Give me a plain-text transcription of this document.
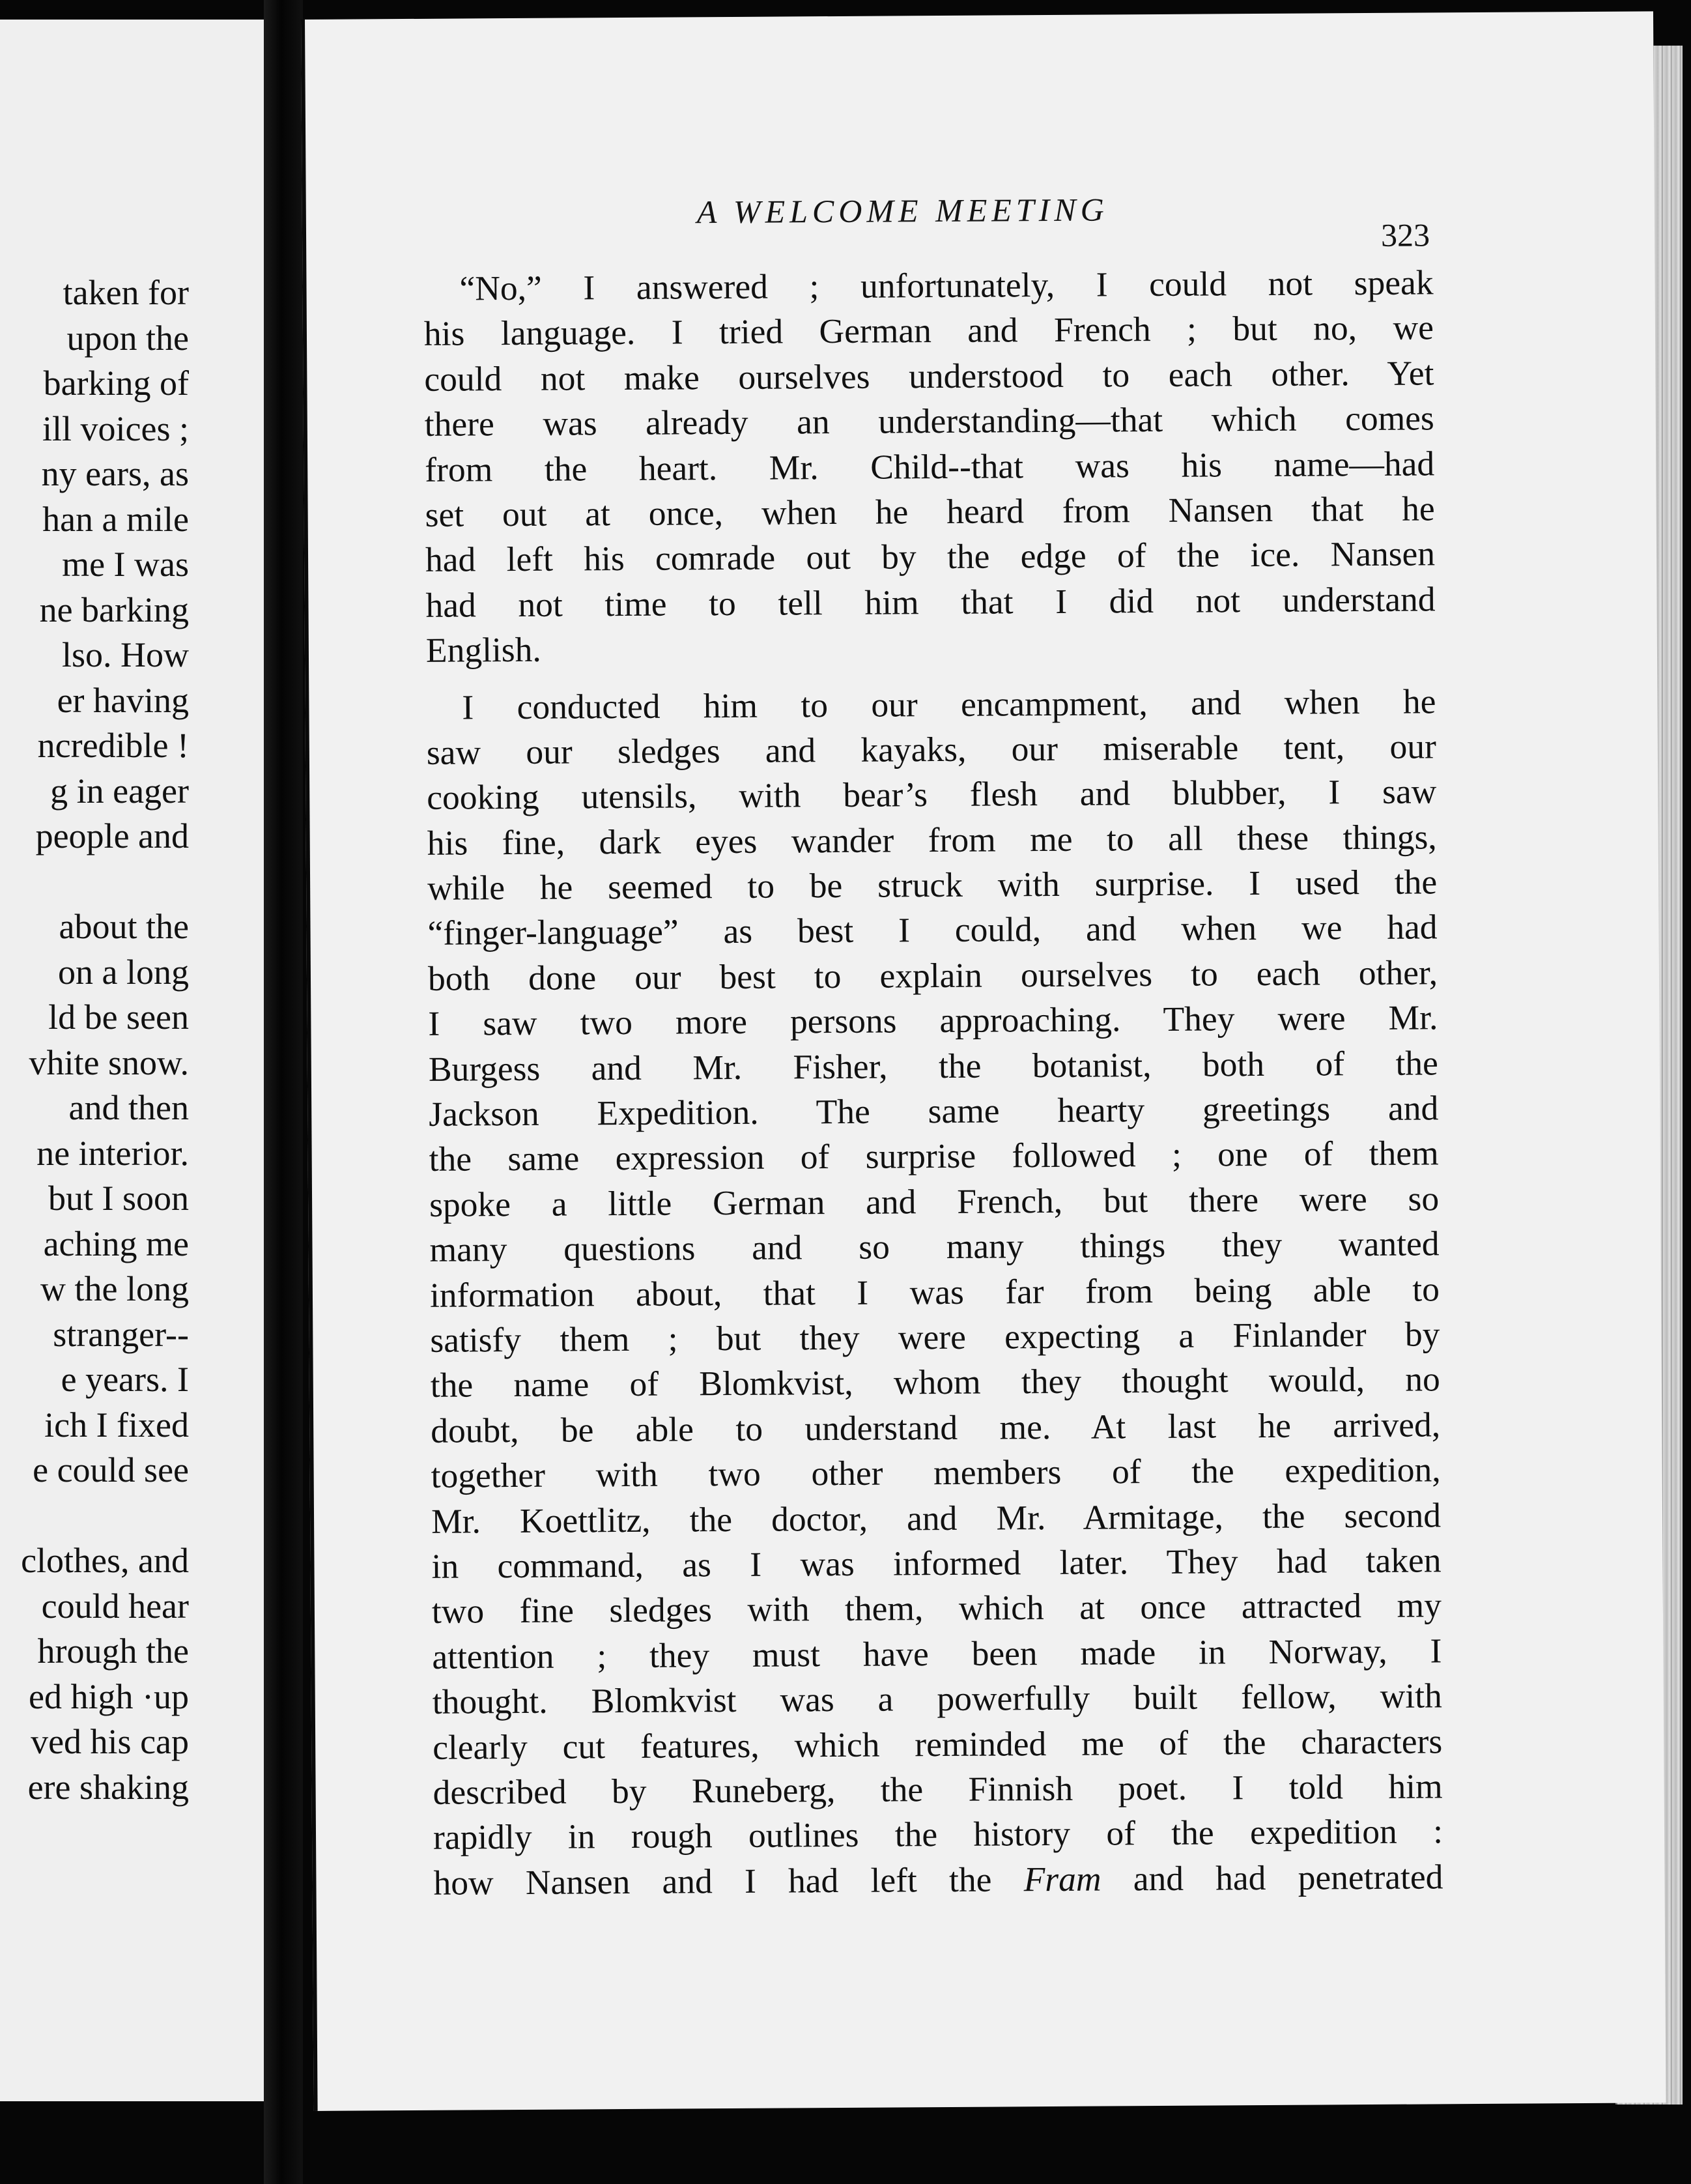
taken for
upon the
barking of
ill voices ;
ny ears, as
han a mile
me I was
ne barking
lso. How
er having
ncredible !
g in eager
people and
about the
on a long
ld be seen
vhite snow.
and then
ne interior.
but I soon
aching me
w the long
stranger--
e years. I
ich I fixed
e could see
clothes, and
could hear
hrough the
ed high ·up
ved his cap
ere shaking
A WELCOME MEETING
323
“No,” I answered ; unfortunately, I could not speak
his language. I tried German and French ; but no, we
could not make ourselves understood to each other. Yet
there was already an understanding—that which comes
from the heart. Mr. Child--that was his name—had
set out at once, when he heard from Nansen that he
had left his comrade out by the edge of the ice. Nansen
had not time to tell him that I did not understand
English.
I conducted him to our encampment, and when he
saw our sledges and kayaks, our miserable tent, our
cooking utensils, with bear’s flesh and blubber, I saw
his fine, dark eyes wander from me to all these things,
while he seemed to be struck with surprise. I used the
“finger-language” as best I could, and when we had
both done our best to explain ourselves to each other,
I saw two more persons approaching. They were Mr.
Burgess and Mr. Fisher, the botanist, both of the
Jackson Expedition. The same hearty greetings and
the same expression of surprise followed ; one of them
spoke a little German and French, but there were so
many questions and so many things they wanted
information about, that I was far from being able to
satisfy them ; but they were expecting a Finlander by
the name of Blomkvist, whom they thought would, no
doubt, be able to understand me. At last he arrived,
together with two other members of the expedition,
Mr. Koettlitz, the doctor, and Mr. Armitage, the second
in command, as I was informed later. They had taken
two fine sledges with them, which at once attracted my
attention ; they must have been made in Norway, I
thought. Blomkvist was a powerfully built fellow, with
clearly cut features, which reminded me of the characters
described by Runeberg, the Finnish poet. I told him
rapidly in rough outlines the history of the expedition :
how Nansen and I had left the Fram and had penetrated
